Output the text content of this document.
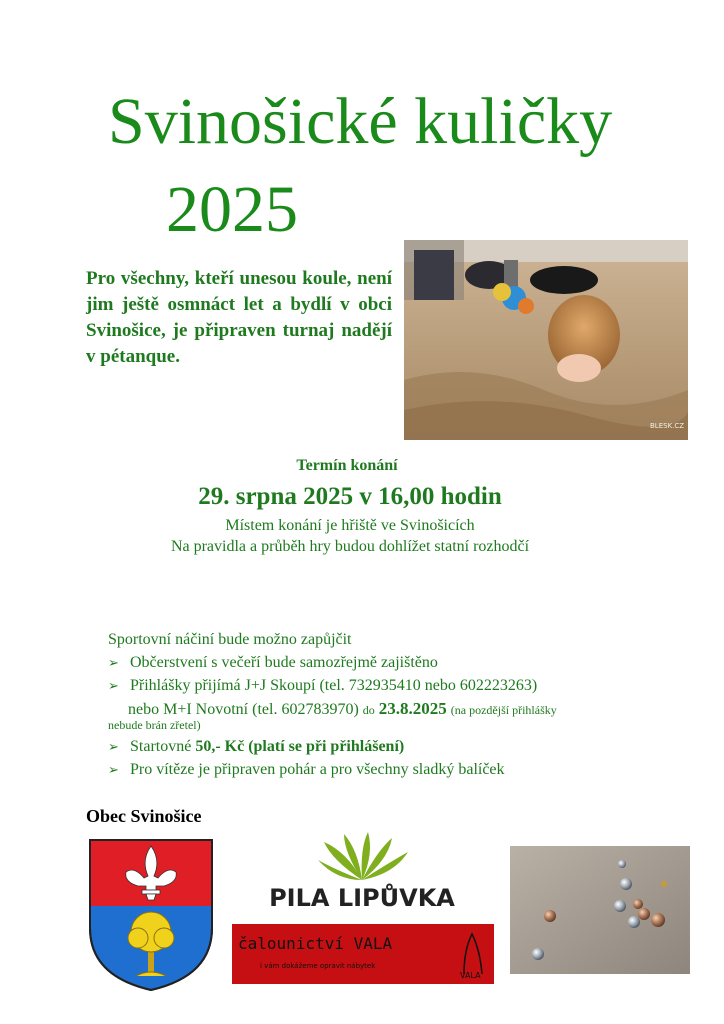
Svinošické kuličky
2025
Pro všechny, kteří unesou koule, není jim ještě osmnáct let a bydlí v obci Svinošice, je připraven turnaj nadějí v pétanque.
BLESK.CZ
Termín konání
29. srpna 2025 v 16,00 hodin
Místem konání je hřiště ve Svinošicích
Na pravidla a průběh hry budou dohlížet statní rozhodčí
Sportovní náčiní bude možno zapůjčit
➢ Občerstvení s večeří bude samozřejmě zajištěno
➢ Přihlášky přijímá J+J Skoupí (tel. 732935410 nebo 602223263)
nebo M+I Novotní (tel. 602783970) do 23.8.2025 (na pozdější přihlášky
nebude brán zřetel)
➢ Startovné 50,- Kč (platí se při přihlášení)
➢ Pro vítěze je připraven pohár a pro všechny sladký balíček
Obec Svinošice
PILA LIPŮVKA
čalounictví VALA
i vám dokážeme opravit nábytek
VALA
